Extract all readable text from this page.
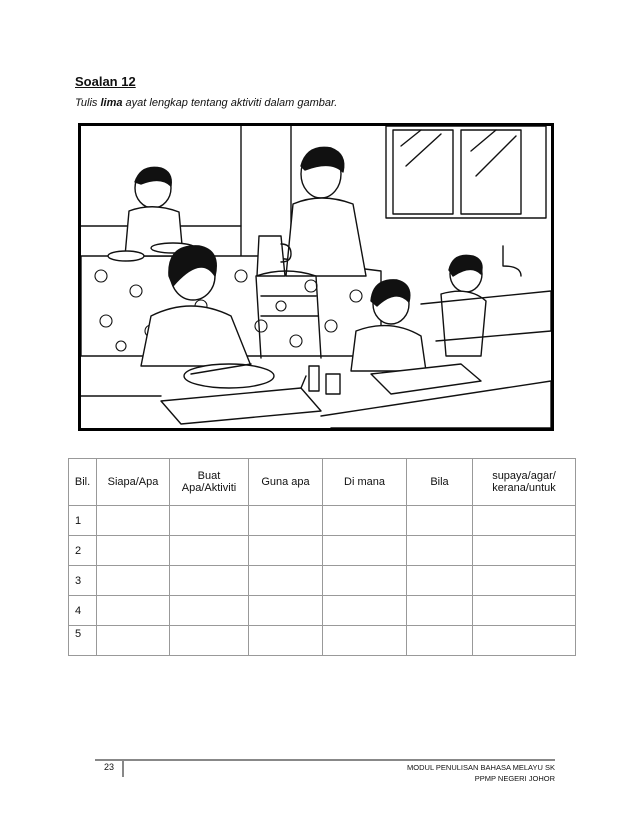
Soalan 12
Tulis lima ayat lengkap tentang aktiviti dalam gambar.
Bil.	Siapa/Apa	Buat Apa/Aktiviti	Guna apa	Di mana	Bila	supaya/agar/ kerana/untuk
1						
2						
3						
4						
5						
23	MODUL PENULISAN BAHASA MELAYU SK
PPMP NEGERI JOHOR
